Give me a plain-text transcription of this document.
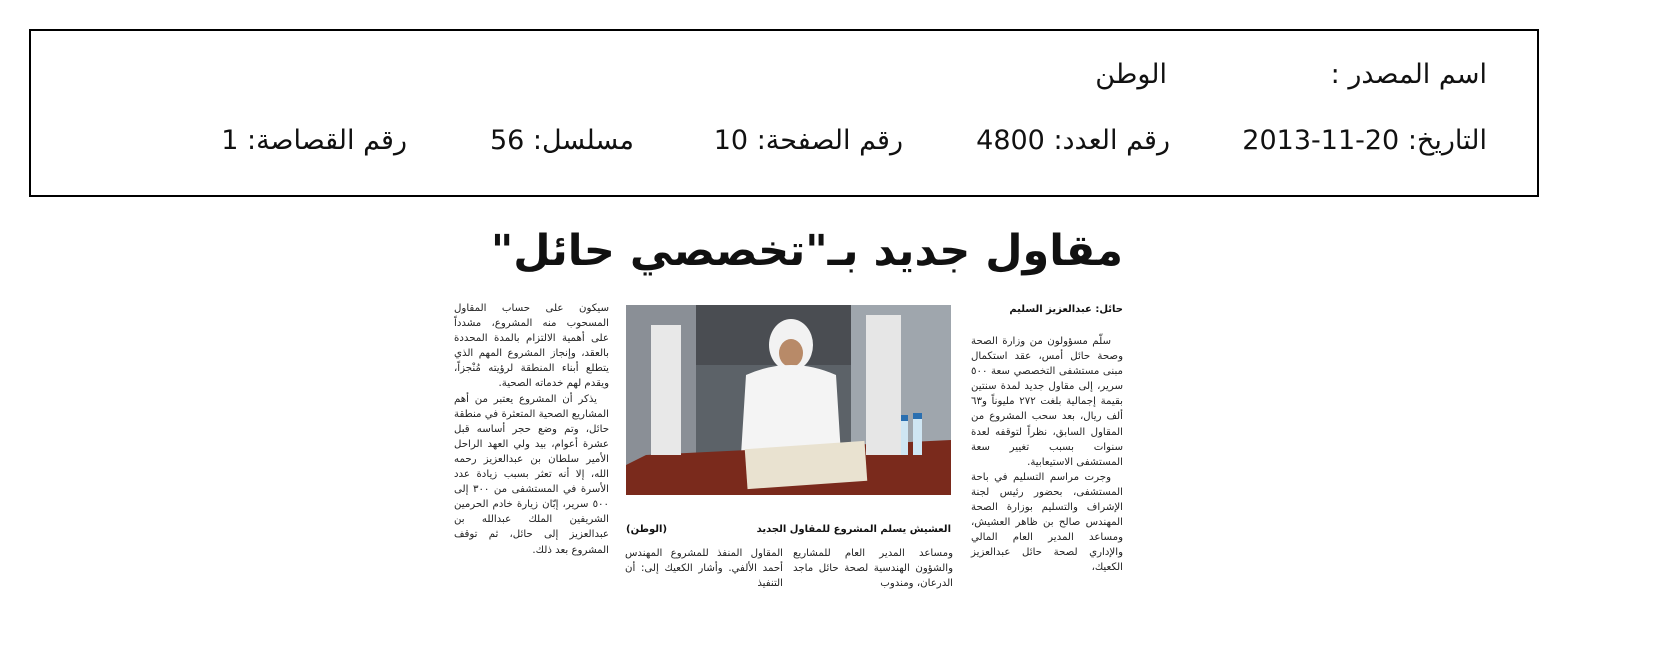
اسم المصدر :
الوطن
التاريخ: 20-11-2013
رقم العدد: 4800
رقم الصفحة: 10
مسلسل: 56
رقم القصاصة: 1
مقاول جديد بـ"تخصصي حائل"
حائل: عبدالعزيز السليم

سلّم مسؤولون من وزارة الصحة وصحة حائل أمس، عقد استكمال مبنى مستشفى التخصصي سعة ٥٠٠ سرير، إلى مقاول جديد لمدة سنتين بقيمة إجمالية بلغت ٢٧٢ مليوناً و٦٣ ألف ريال، بعد سحب المشروع من المقاول السابق، نظراً لتوقفه لعدة سنوات بسبب تغيير سعة المستشفى الاستيعابية.

وجرت مراسم التسليم في باحة المستشفى، بحضور رئيس لجنة الإشراف والتسليم بوزارة الصحة المهندس صالح بن ظاهر العشيش، ومساعد المدير العام المالي والإداري لصحة حائل عبدالعزيز الكعيك،

العشيش يسلم المشروع للمقاول الجديد
(الوطن)

ومساعد المدير العام للمشاريع والشؤون الهندسية لصحة حائل ماجد الدرعان، ومندوب

المقاول المنفذ للمشروع المهندس أحمد الألفي. وأشار الكعيك إلى: أن التنفيذ

سيكون على حساب المقاول المسحوب منه المشروع، مشدداً على أهمية الالتزام بالمدة المحددة بالعقد، وإنجاز المشروع المهم الذي يتطلع أبناء المنطقة لرؤيته مُنْجزاً، ويقدم لهم خدماته الصحية.

يذكر أن المشروع يعتبر من أهم المشاريع الصحية المتعثرة في منطقة حائل، وتم وضع حجر أساسه قبل عشرة أعوام، بيد ولي العهد الراحل الأمير سلطان بن عبدالعزيز رحمه الله، إلا أنه تعثر بسبب زيادة عدد الأسرة في المستشفى من ٣٠٠ إلى ٥٠٠ سرير، إبّان زيارة خادم الحرمين الشريفين الملك عبدالله بن عبدالعزيز إلى حائل، ثم توقف المشروع بعد ذلك.
